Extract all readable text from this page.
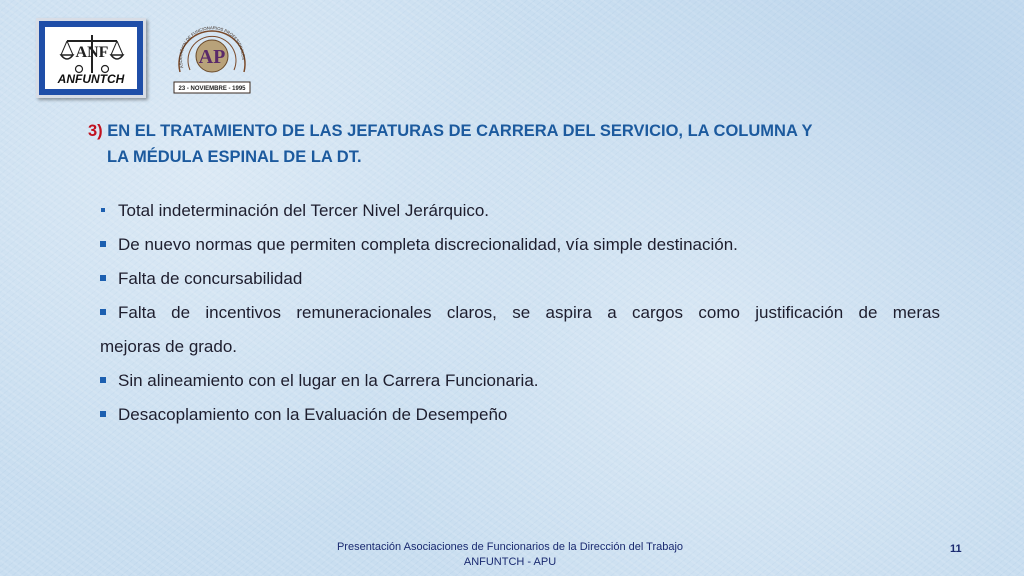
ANF
ANFUNTCH
ASOCIACION DE FUNCIONARIOS PROFESIONALES
AP
23 - NOVIEMBRE - 1995
3) EN EL TRATAMIENTO DE LAS JEFATURAS DE CARRERA DEL SERVICIO, LA COLUMNA Y
LA MÉDULA ESPINAL DE LA DT.
Total indeterminación del Tercer Nivel Jerárquico.
De nuevo normas que permiten completa discrecionalidad, vía simple destinación.
Falta de concursabilidad
Falta de incentivos remuneracionales claros, se aspira a cargos como justificación de meras
mejoras de grado.
Sin alineamiento con el lugar en la Carrera Funcionaria.
Desacoplamiento con la Evaluación de Desempeño
Presentación Asociaciones de Funcionarios de la Dirección del Trabajo
ANFUNTCH - APU
11
